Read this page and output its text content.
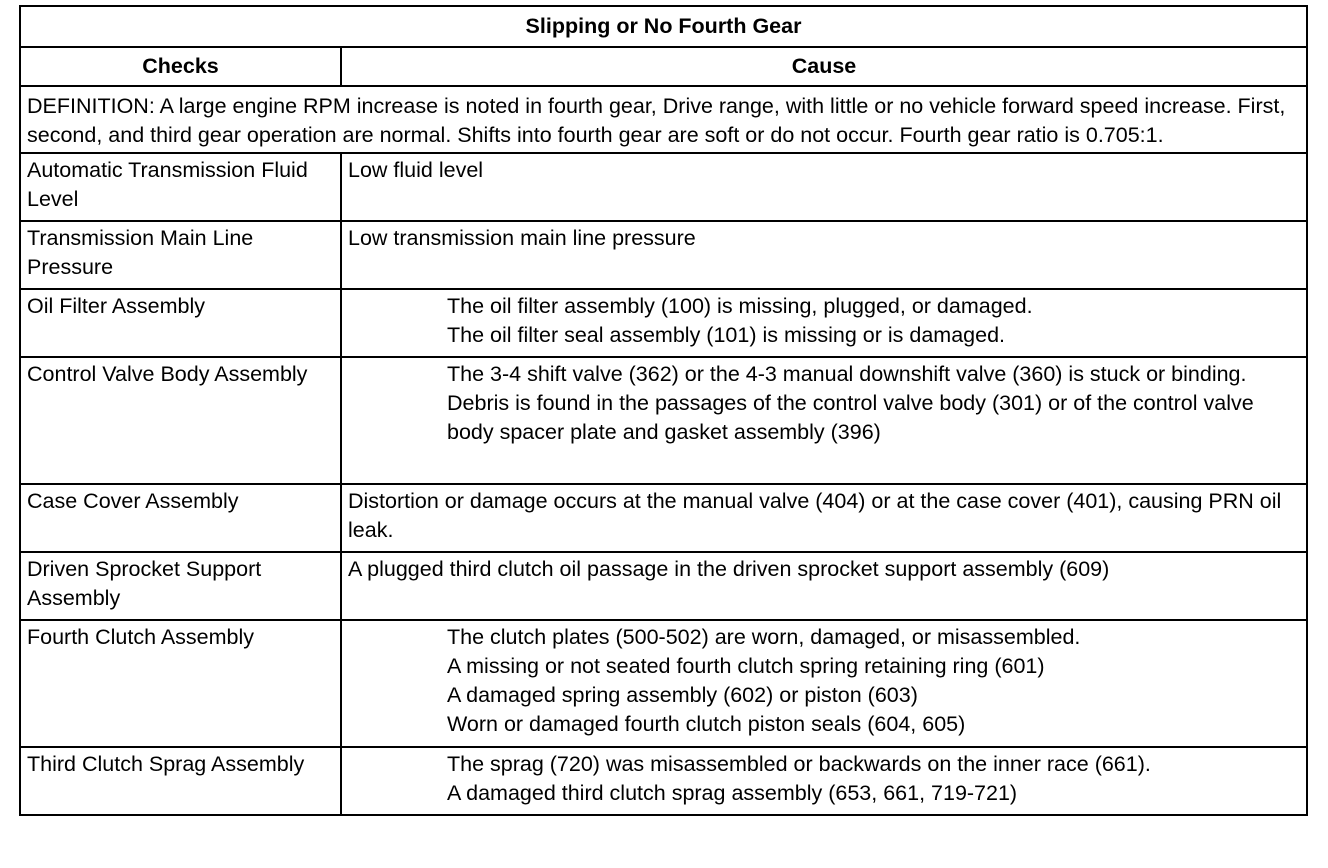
Slipping or No Fourth Gear	
Checks	Cause
DEFINITION: A large engine RPM increase is noted in fourth gear, Drive range, with little or no vehicle forward speed increase. First, second, and third gear operation are normal. Shifts into fourth gear are soft or do not occur. Fourth gear ratio is 0.705:1.	
Automatic Transmission Fluid Level	Low fluid level

Transmission Main Line Pressure	Low transmission main line pressure

Oil Filter Assembly	The oil filter assembly (100) is missing, plugged, or damaged.
The oil filter seal assembly (101) is missing or is damaged.

Control Valve Body Assembly	The 3-4 shift valve (362) or the 4-3 manual downshift valve (360) is stuck or binding.
Debris is found in the passages of the control valve body (301) or of the control valve body spacer plate and gasket assembly (396)

Case Cover Assembly	Distortion or damage occurs at the manual valve (404) or at the case cover (401), causing PRN oil leak.

Driven Sprocket Support Assembly	A plugged third clutch oil passage in the driven sprocket support assembly (609)

Fourth Clutch Assembly	The clutch plates (500-502) are worn, damaged, or misassembled.
A missing or not seated fourth clutch spring retaining ring (601)
A damaged spring assembly (602) or piston (603)
Worn or damaged fourth clutch piston seals (604, 605)

Third Clutch Sprag Assembly	The sprag (720) was misassembled or backwards on the inner race (661).
A damaged third clutch sprag assembly (653, 661, 719-721)
